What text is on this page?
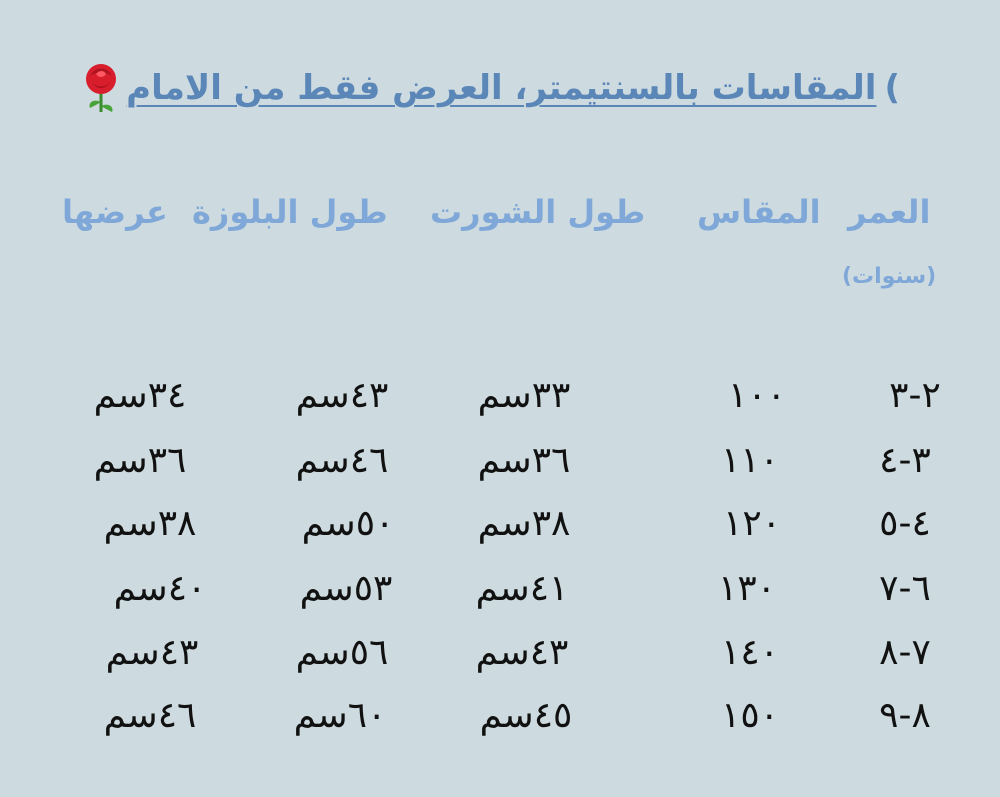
)
المقاسات بالسنتيمتر، العرض فقط من الامام
العمر
(سنوات)
المقاس
طول الشورت
طول البلوزة
عرضها
٢-٣
١٠٠
٣٣سم
٤٣سم
٣٤سم
٣-٤
١١٠
٣٦سم
٤٦سم
٣٦سم
٤-٥
١٢٠
٣٨سم
٥٠سم
٣٨سم
٦-٧
١٣٠
٤١سم
٥٣سم
٤٠سم
٧-٨
١٤٠
٤٣سم
٥٦سم
٤٣سم
٨-٩
١٥٠
٤٥سم
٦٠سم
٤٦سم
